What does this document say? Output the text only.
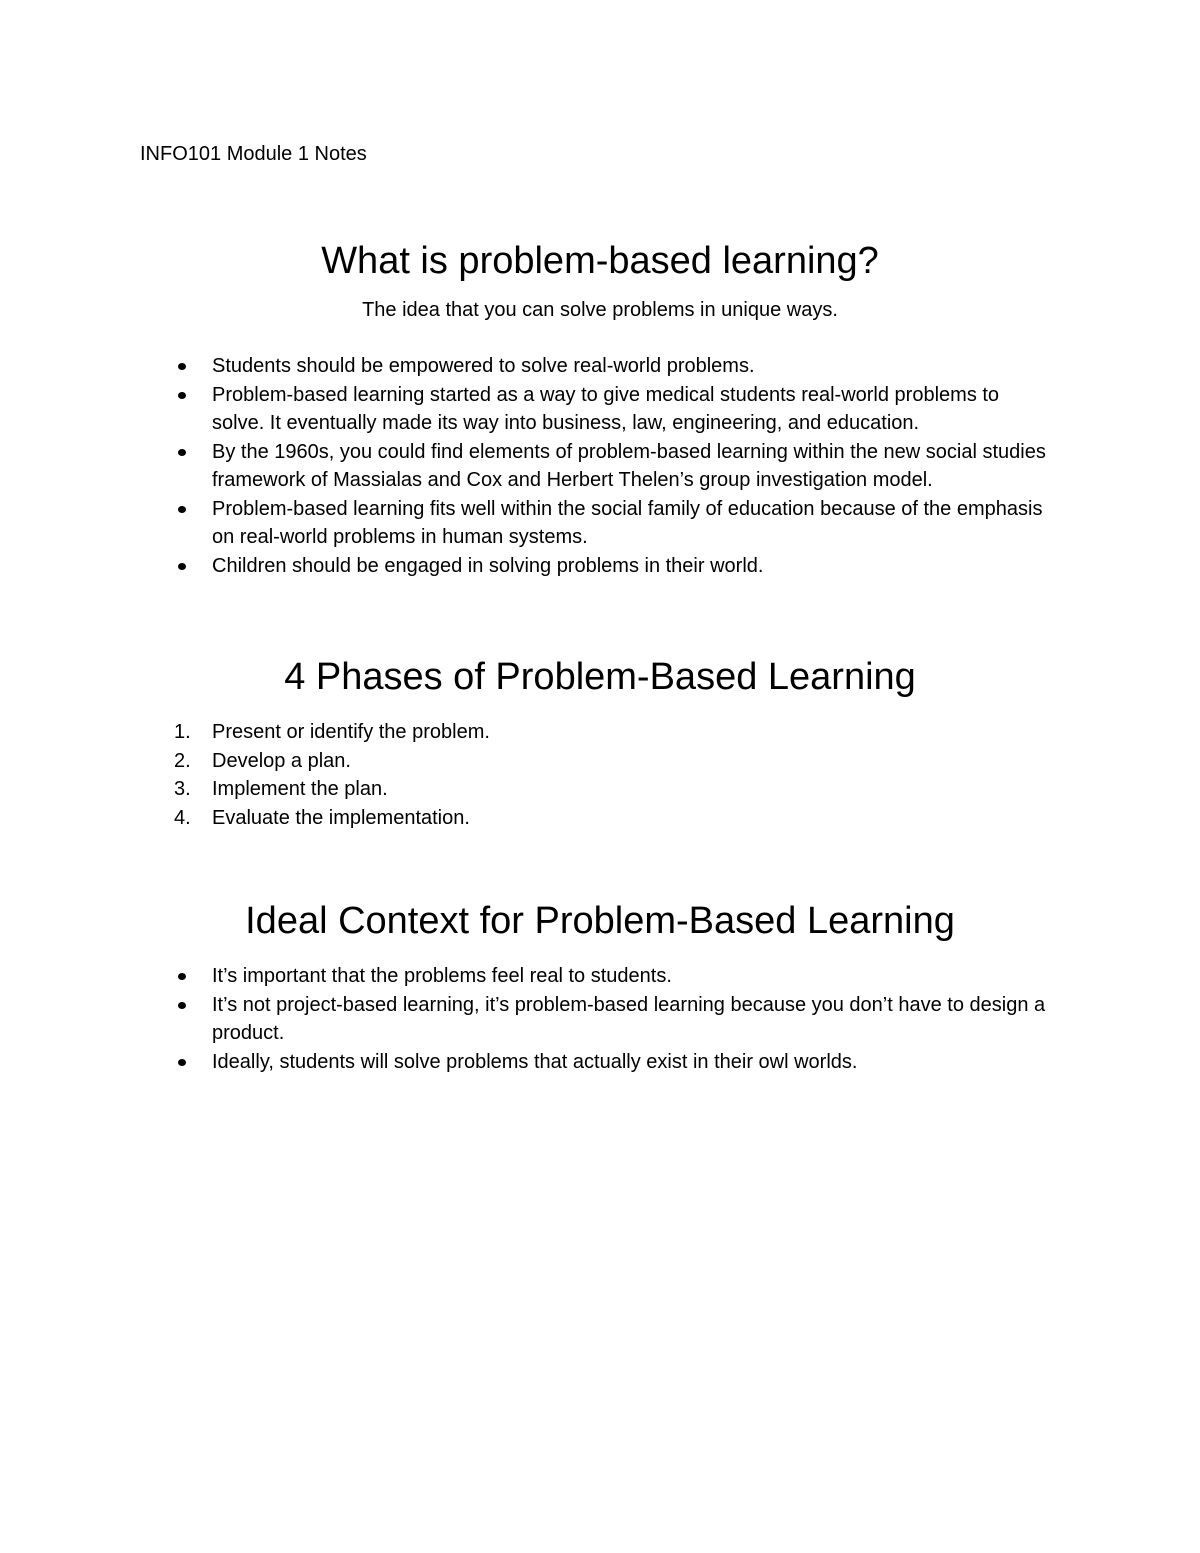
INFO101 Module 1 Notes

What is problem-based learning?

The idea that you can solve problems in unique ways.

Students should be empowered to solve real-world problems.
Problem-based learning started as a way to give medical students real-world problems to solve. It eventually made its way into business, law, engineering, and education.
By the 1960s, you could find elements of problem-based learning within the new social studies framework of Massialas and Cox and Herbert Thelen’s group investigation model.
Problem-based learning fits well within the social family of education because of the emphasis on real-world problems in human systems.
Children should be engaged in solving problems in their world.
4 Phases of Problem-Based Learning
1.	Present or identify the problem.
2.	Develop a plan.
3.	Implement the plan.
4.	Evaluate the implementation.
Ideal Context for Problem-Based Learning
It’s important that the problems feel real to students.
It’s not project-based learning, it’s problem-based learning because you don’t have to design a product.
Ideally, students will solve problems that actually exist in their owl worlds.
